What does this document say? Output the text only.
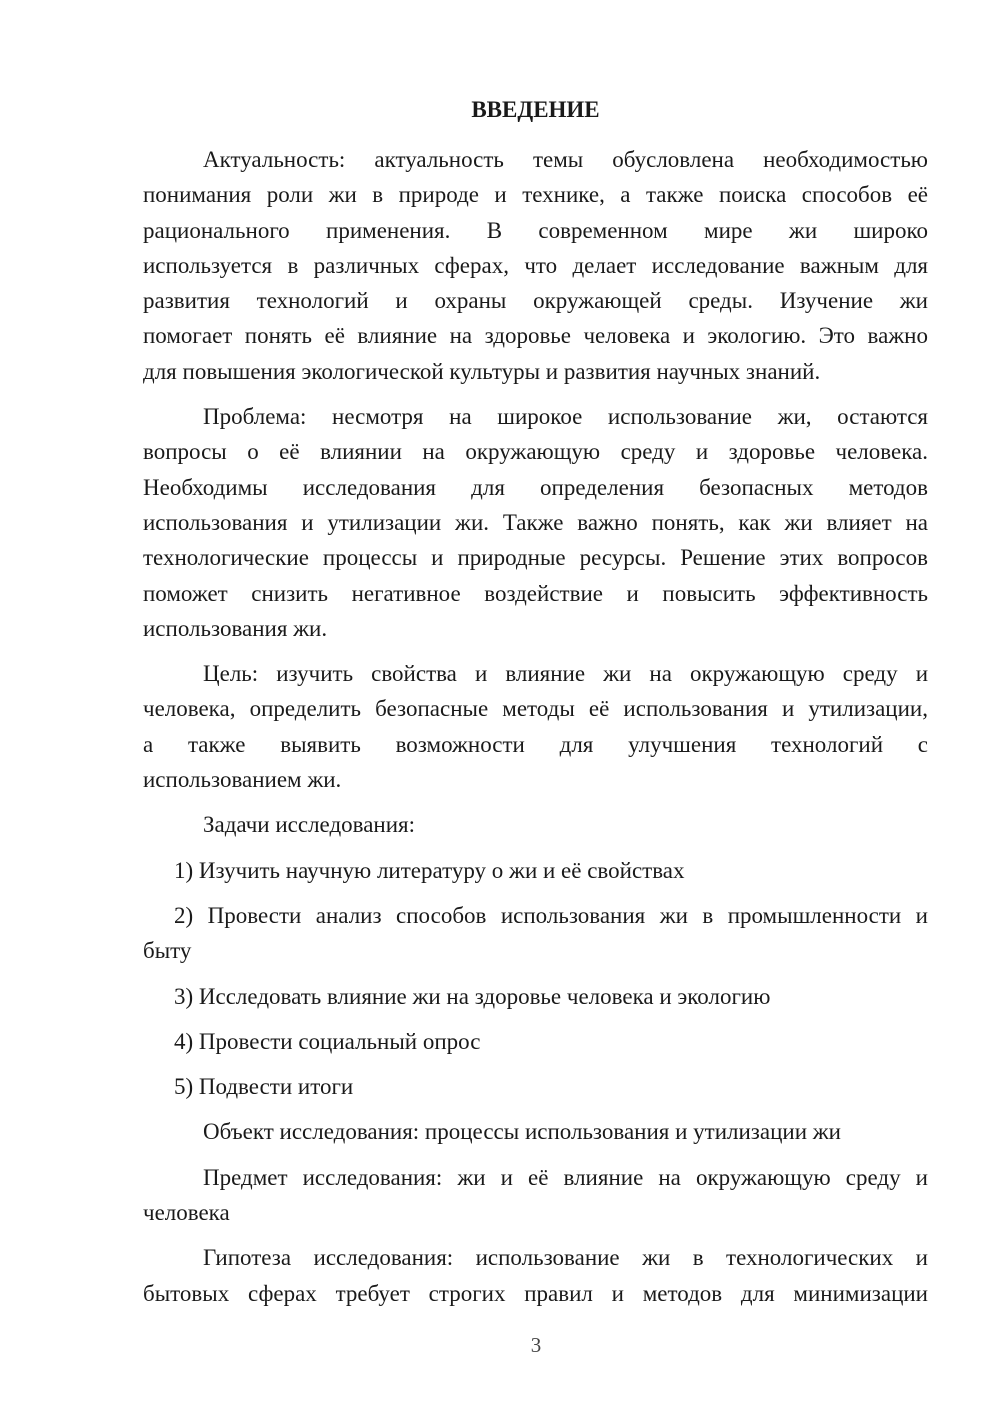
ВВЕДЕНИЕ
Актуальность: актуальность темы обусловлена необходимостью
понимания роли жи в природе и технике, а также поиска способов её
рационального применения. В современном мире жи широко
используется в различных сферах, что делает исследование важным для
развития технологий и охраны окружающей среды. Изучение жи
помогает понять её влияние на здоровье человека и экологию. Это важно
для повышения экологической культуры и развития научных знаний.
Проблема: несмотря на широкое использование жи, остаются
вопросы о её влиянии на окружающую среду и здоровье человека.
Необходимы исследования для определения безопасных методов
использования и утилизации жи. Также важно понять, как жи влияет на
технологические процессы и природные ресурсы. Решение этих вопросов
поможет снизить негативное воздействие и повысить эффективность
использования жи.
Цель: изучить свойства и влияние жи на окружающую среду и
человека, определить безопасные методы её использования и утилизации,
а также выявить возможности для улучшения технологий с
использованием жи.
Задачи исследования:
1) Изучить научную литературу о жи и её свойствах
2) Провести анализ способов использования жи в промышленности и
быту
3) Исследовать влияние жи на здоровье человека и экологию
4) Провести социальный опрос
5) Подвести итоги
Объект исследования: процессы использования и утилизации жи
Предмет исследования: жи и её влияние на окружающую среду и
человека
Гипотеза исследования: использование жи в технологических и
бытовых сферах требует строгих правил и методов для минимизации
3
